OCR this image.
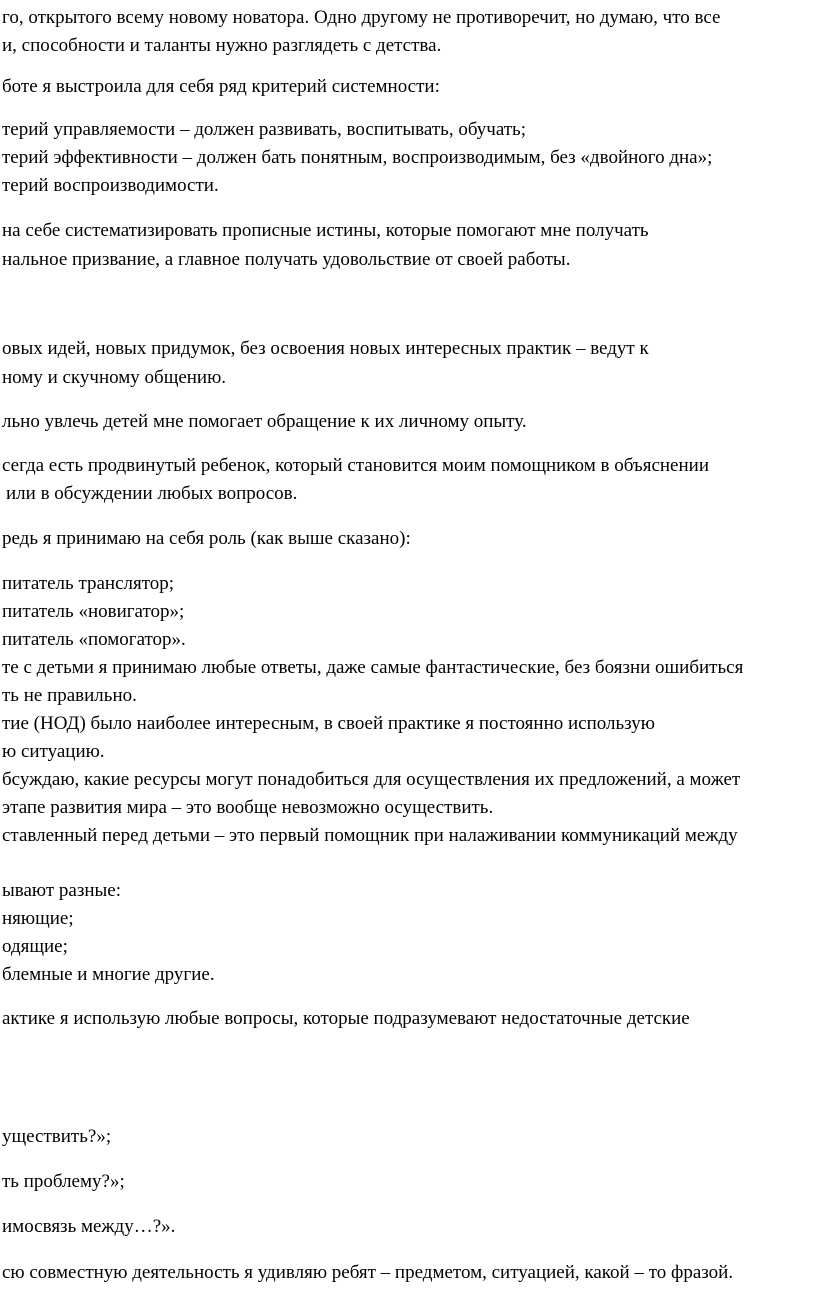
го, открытого всему новому новатора. Одно другому не противоречит, но думаю, что все
и, способности и таланты нужно разглядеть с детства.
боте я выстроила для себя ряд критерий системности:
терий управляемости – должен развивать, воспитывать, обучать;
терий эффективности – должен бать понятным, воспроизводимым, без «двойного дна»;
терий воспроизводимости.
на себе систематизировать прописные истины, которые помогают мне получать
нальное призвание, а главное получать удовольствие от своей работы.
овых идей, новых придумок, без освоения новых интересных практик – ведут к
ному и скучному общению.
льно увлечь детей мне помогает обращение к их личному опыту.
сегда есть продвинутый ребенок, который становится моим помощником в объяснении
или в обсуждении любых вопросов.
редь я принимаю на себя роль (как выше сказано):
питатель транслятор;
питатель «новигатор»;
питатель «помогатор».
те с детьми я принимаю любые ответы, даже самые фантастические, без боязни ошибиться
ть не правильно.
тие (НОД) было наиболее интересным, в своей практике я постоянно использую
ю ситуацию.
бсуждаю, какие ресурсы могут понадобиться для осуществления их предложений, а может
этапе развития мира – это вообще невозможно осуществить.
ставленный перед детьми – это первый помощник при налаживании коммуникаций между
ывают разные:
няющие;
одящие;
блемные и многие другие.
актике я использую любые вопросы, которые подразумевают недостаточные детские
уществить?»;
ть проблему?»;
имосвязь между…?».
сю совместную деятельность я удивляю ребят – предметом, ситуацией, какой – то фразой.
